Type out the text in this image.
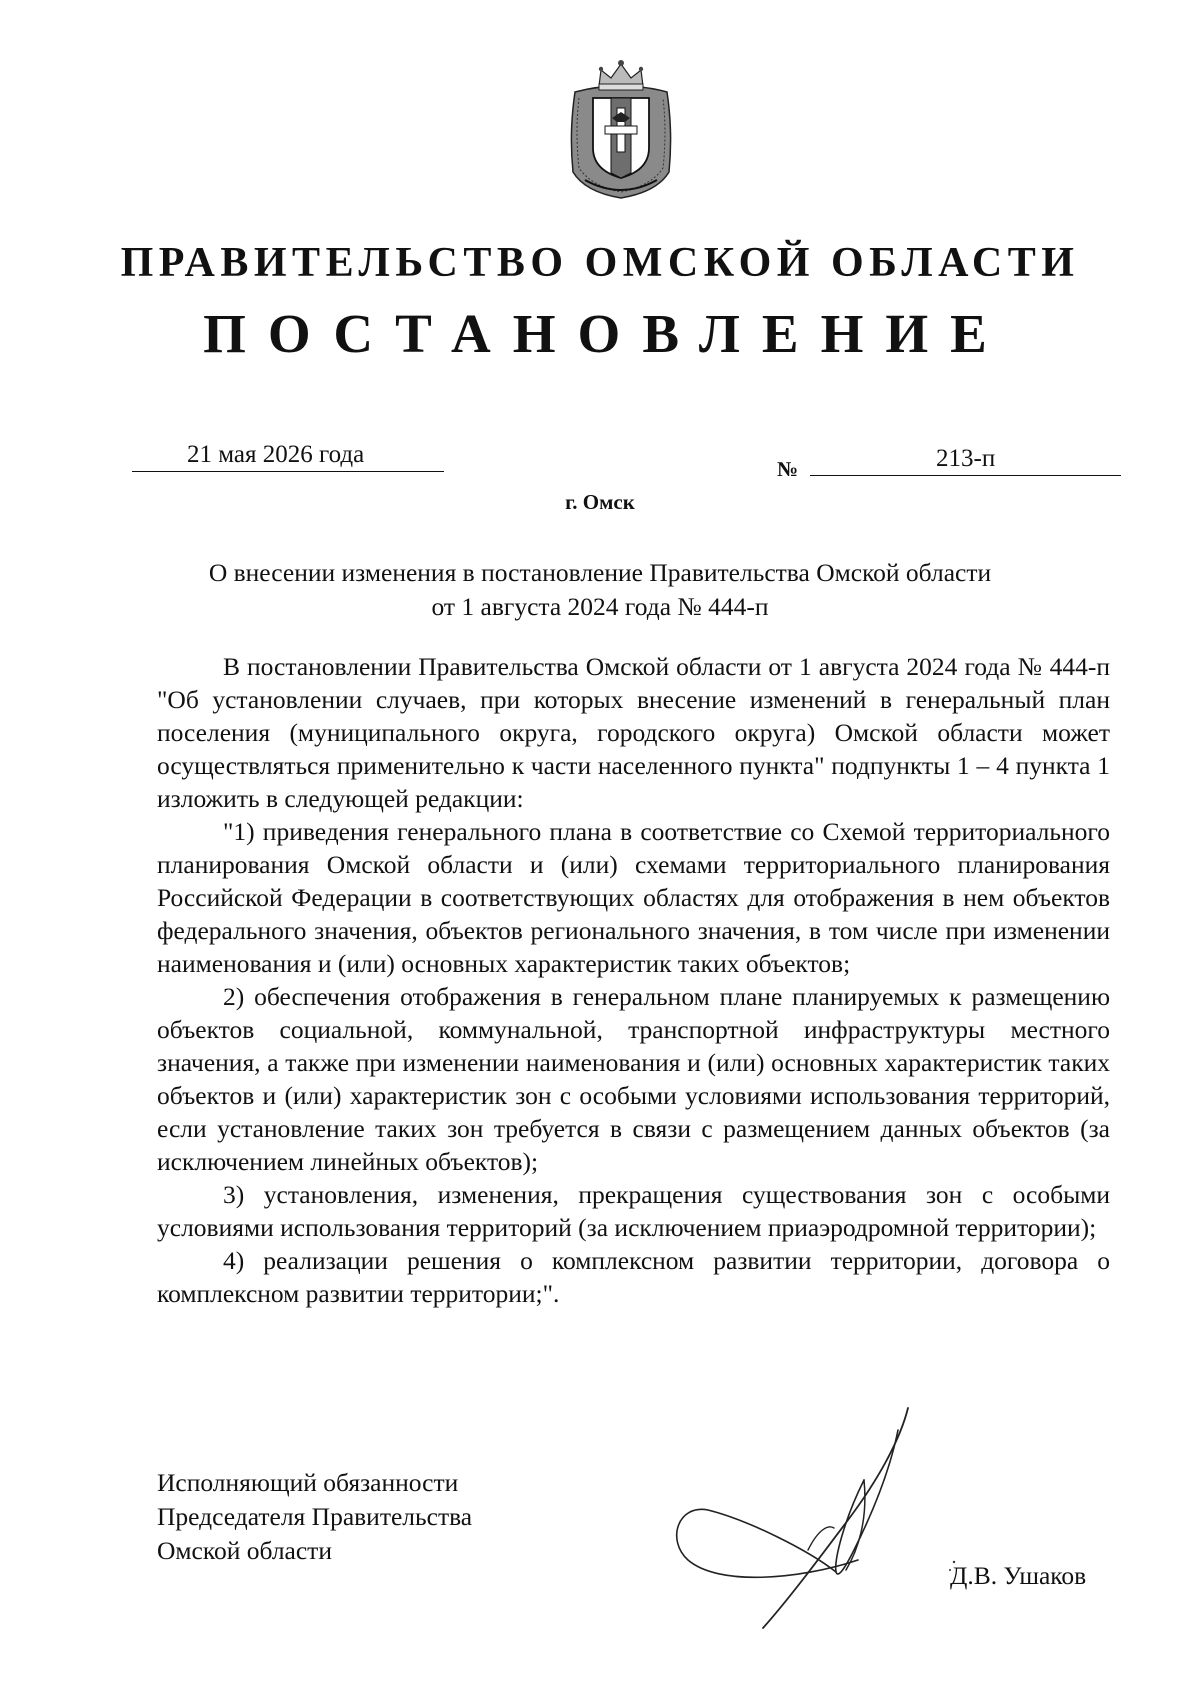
ПРАВИТЕЛЬСТВО ОМСКОЙ ОБЛАСТИ
ПОСТАНОВЛЕНИЕ
21 мая 2026 года
№	213-п
г. Омск
О внесении изменения в постановление Правительства Омской области
от 1 августа 2024 года № 444-п

В постановлении Правительства Омской области от 1 августа 2024 года № 444-п "Об установлении случаев, при которых внесение изменений в генеральный план поселения (муниципального округа, городского округа) Омской области может осуществляться применительно к части населенного пункта" подпункты 1 – 4 пункта 1 изложить в следующей редакции:

"1) приведения генерального плана в соответствие со Схемой территориального планирования Омской области и (или) схемами территориального планирования Российской Федерации в соответствующих областях для отображения в нем объектов федерального значения, объектов регионального значения, в том числе при изменении наименования и (или) основных характеристик таких объектов;

2) обеспечения отображения в генеральном плане планируемых к размещению объектов социальной, коммунальной, транспортной инфраструктуры местного значения, а также при изменении наименования и (или) основных характеристик таких объектов и (или) характеристик зон с особыми условиями использования территорий, если установление таких зон требуется в связи с размещением данных объектов (за исключением линейных объектов);

3) установления, изменения, прекращения существования зон с особыми условиями использования территорий (за исключением приаэродромной территории);

4) реализации решения о комплексном развитии территории, договора о комплексном развитии территории;".

Исполняющий обязанности
Председателя Правительства
Омской области
Д.В. Ушаков
